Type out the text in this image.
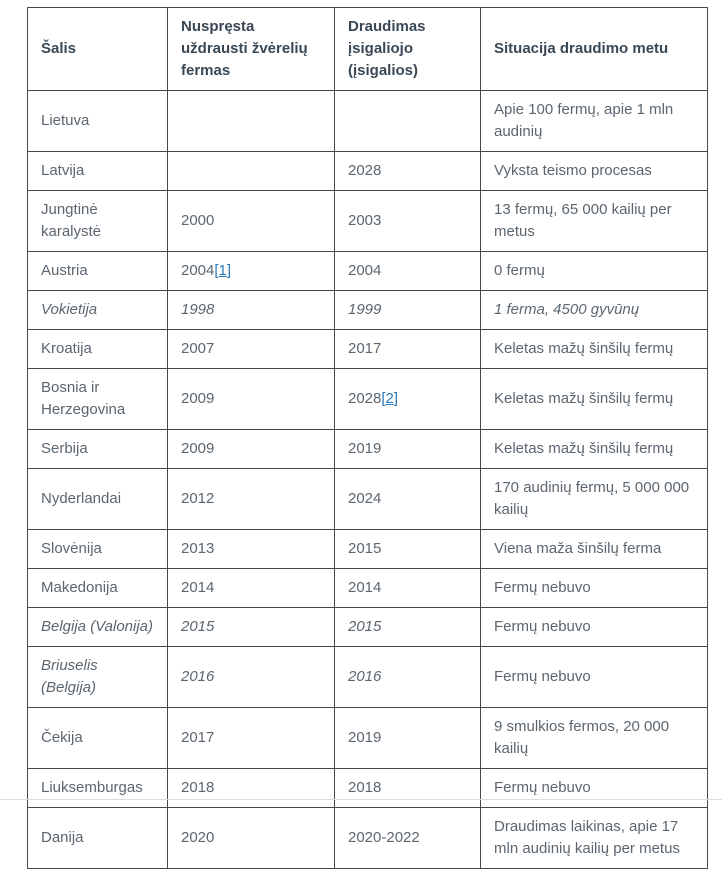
Šalis	Nuspręsta uždrausti žvėrelių fermas	Draudimas įsigaliojo (įsigalios)	Situacija draudimo metu
Lietuva			Apie 100 fermų, apie 1 mln audinių
Latvija		2028	Vyksta teismo procesas
Jungtinė karalystė	2000	2003	13 fermų, 65 000 kailių per metus
Austria	2004[1]	2004	0 fermų
Vokietija	1998	1999	1 ferma, 4500 gyvūnų
Kroatija	2007	2017	Keletas mažų šinšilų fermų
Bosnia ir Herzegovina	2009	2028[2]	Keletas mažų šinšilų fermų
Serbija	2009	2019	Keletas mažų šinšilų fermų
Nyderlandai	2012	2024	170 audinių fermų, 5 000 000 kailių
Slovėnija	2013	2015	Viena maža šinšilų ferma
Makedonija	2014	2014	Fermų nebuvo
Belgija (Valonija)	2015	2015	Fermų nebuvo
Briuselis (Belgija)	2016	2016	Fermų nebuvo
Čekija	2017	2019	9 smulkios fermos, 20 000 kailių
Liuksemburgas	2018	2018	Fermų nebuvo
Danija	2020	2020-2022	Draudimas laikinas, apie 17 mln audinių kailių per metus
